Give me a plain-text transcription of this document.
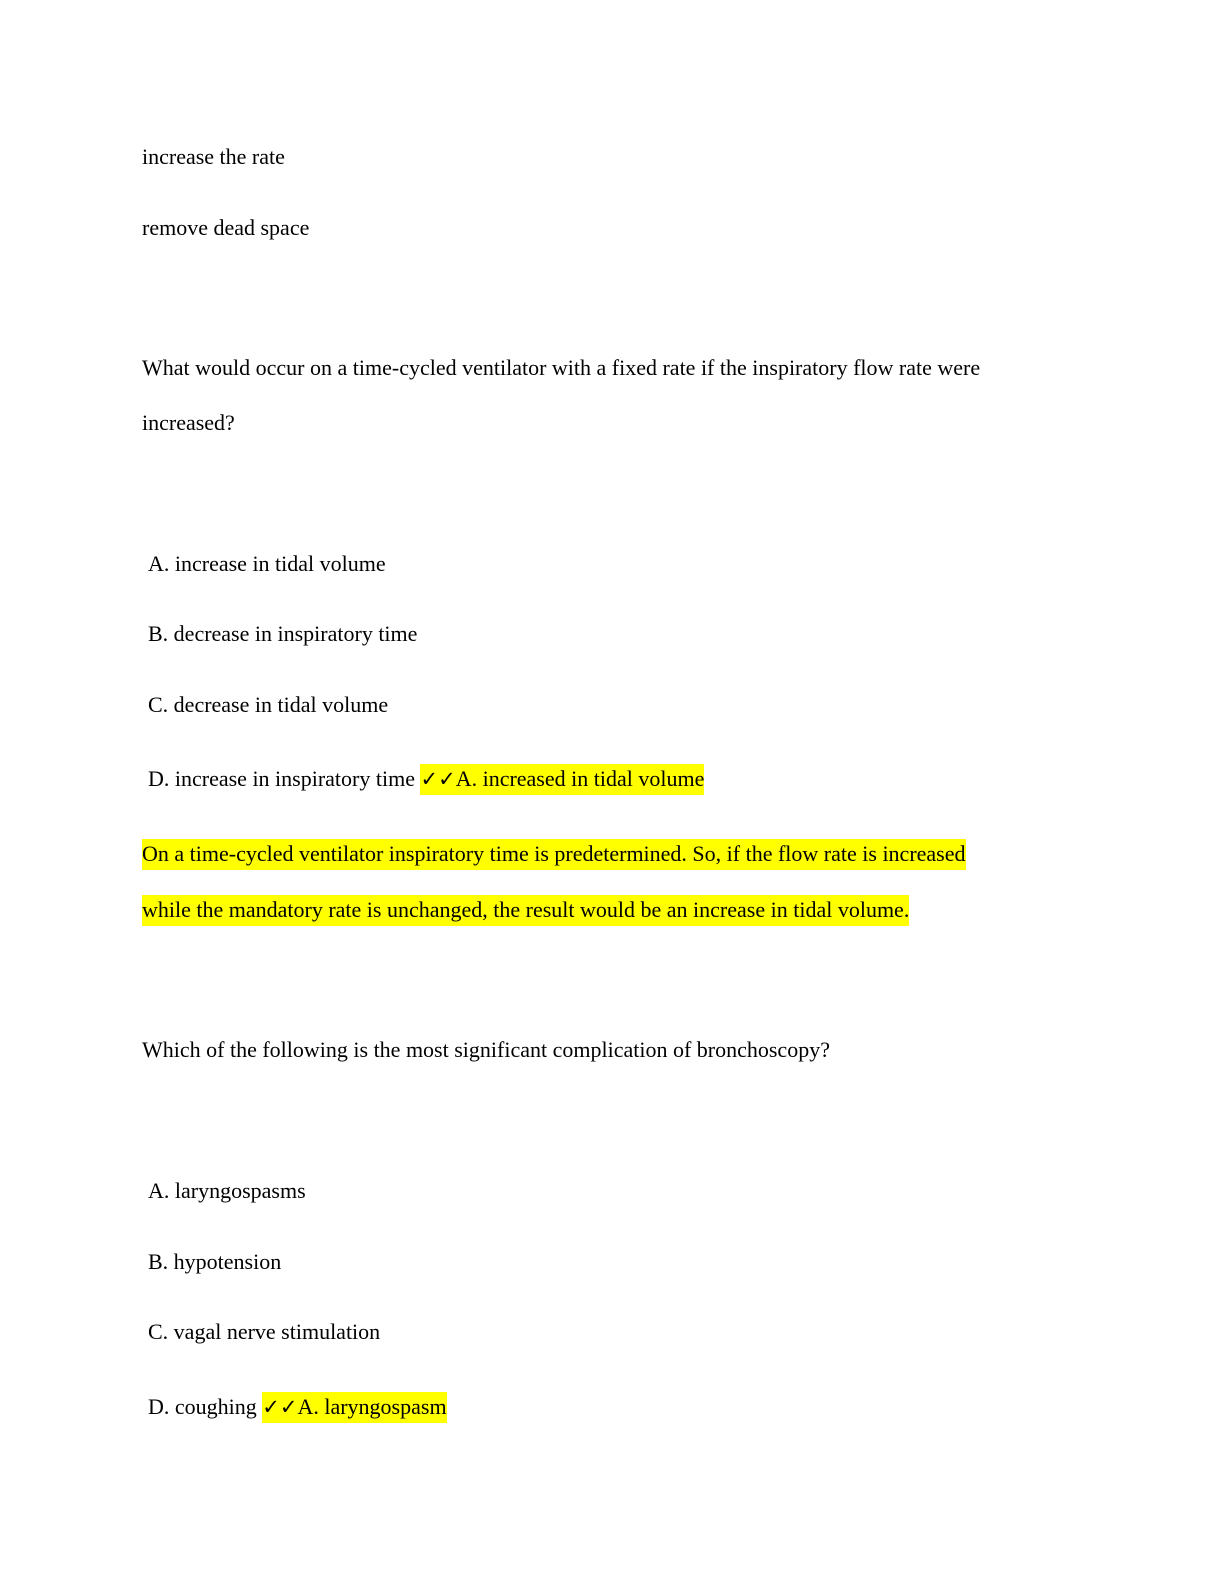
increase the rate
remove dead space
What would occur on a time-cycled ventilator with a fixed rate if the inspiratory flow rate were
increased?
A. increase in tidal volume
B. decrease in inspiratory time
C. decrease in tidal volume
D. increase in inspiratory time ✓✓A. increased in tidal volume
On a time-cycled ventilator inspiratory time is predetermined. So, if the flow rate is increased
while the mandatory rate is unchanged, the result would be an increase in tidal volume.
Which of the following is the most significant complication of bronchoscopy?
A. laryngospasms
B. hypotension
C. vagal nerve stimulation
D. coughing ✓✓A. laryngospasm
